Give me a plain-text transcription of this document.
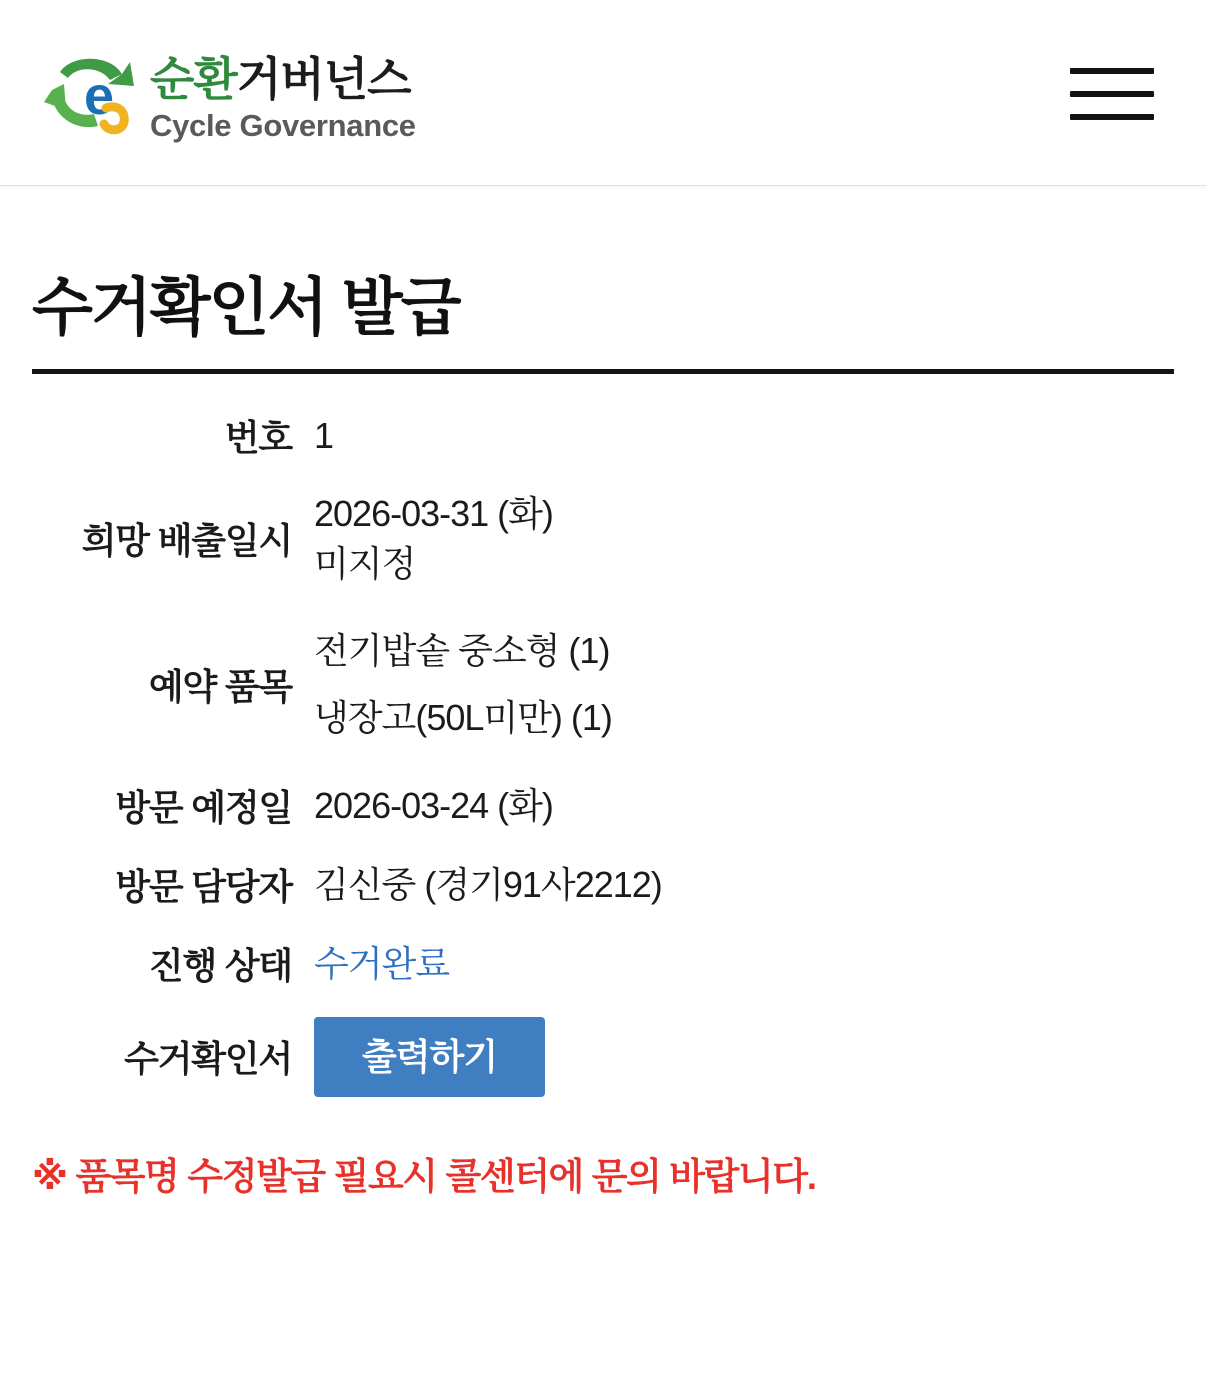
e 순환거버넌스
Cycle Governance
수거확인서 발급
번호	1

희망 배출일시	2026-03-31 (화)
미지정

예약 품목	전기밥솥 중소형 (1)
냉장고(50L미만) (1)

방문 예정일	2026-03-24 (화)

방문 담당자	김신중 (경기91사2212)

진행 상태	수거완료
수거확인서	출력하기

※ 품목명 수정발급 필요시 콜센터에 문의 바랍니다.
